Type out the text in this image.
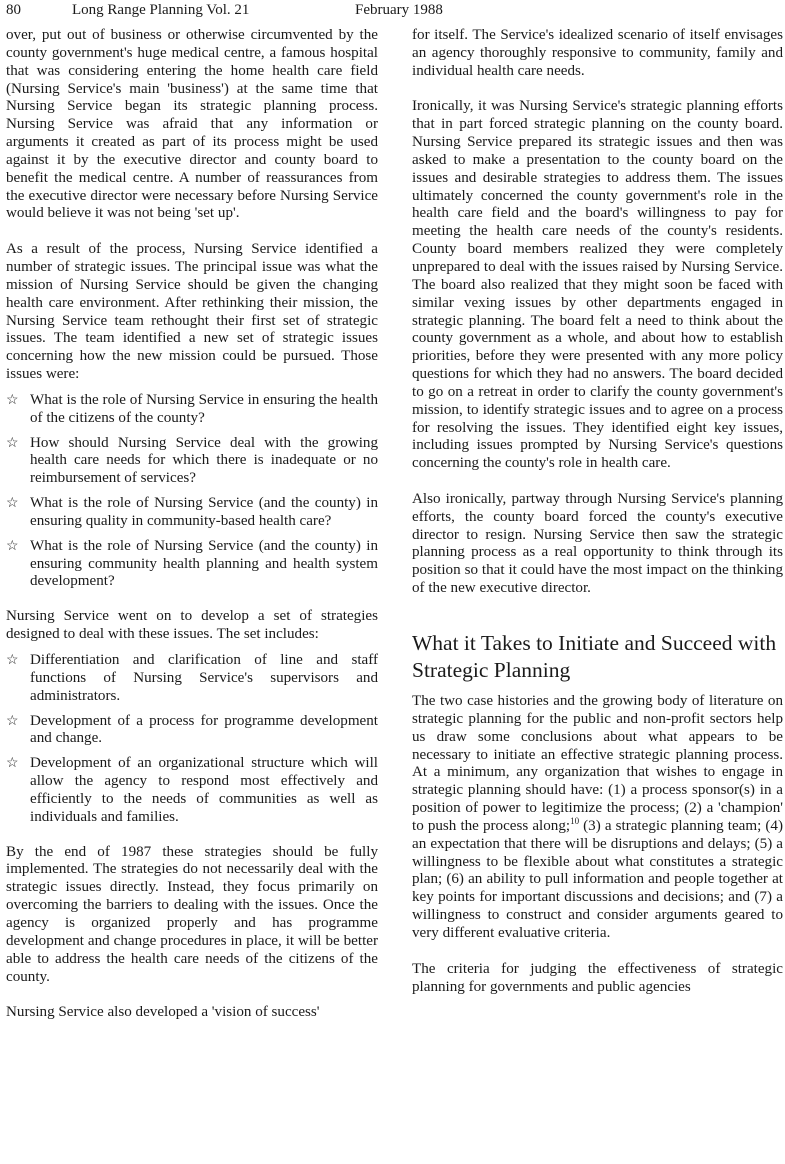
80	Long Range Planning Vol. 21	February 1988

over, put out of business or otherwise circumvented by the county government's huge medical centre, a famous hospital that was considering entering the home health care field (Nursing Service's main 'business') at the same time that Nursing Service began its strategic planning process. Nursing Service was afraid that any information or arguments it created as part of its process might be used against it by the executive director and county board to benefit the medical centre. A number of reassurances from the executive director were necessary before Nursing Service would believe it was not being 'set up'.

As a result of the process, Nursing Service identified a number of strategic issues. The principal issue was what the mission of Nursing Service should be given the changing health care environment. After rethinking their mission, the Nursing Service team rethought their first set of strategic issues. The team identified a new set of strategic issues concerning how the new mission could be pursued. Those issues were:

☆ What is the role of Nursing Service in ensuring the health of the citizens of the county?
☆ How should Nursing Service deal with the growing health care needs for which there is inadequate or no reimbursement of services?
☆ What is the role of Nursing Service (and the county) in ensuring quality in community-based health care?
☆ What is the role of Nursing Service (and the county) in ensuring community health planning and health system development?

Nursing Service went on to develop a set of strategies designed to deal with these issues. The set includes:

☆ Differentiation and clarification of line and staff functions of Nursing Service's supervisors and administrators.
☆ Development of a process for programme development and change.
☆ Development of an organizational structure which will allow the agency to respond most effectively and efficiently to the needs of communities as well as individuals and families.

By the end of 1987 these strategies should be fully implemented. The strategies do not necessarily deal with the strategic issues directly. Instead, they focus primarily on overcoming the barriers to dealing with the issues. Once the agency is organized properly and has programme development and change procedures in place, it will be better able to address the health care needs of the citizens of the county.

Nursing Service also developed a 'vision of success'

for itself. The Service's idealized scenario of itself envisages an agency thoroughly responsive to community, family and individual health care needs.

Ironically, it was Nursing Service's strategic planning efforts that in part forced strategic planning on the county board. Nursing Service prepared its strategic issues and then was asked to make a presentation to the county board on the issues and desirable strategies to address them. The issues ultimately concerned the county government's role in the health care field and the board's willingness to pay for meeting the health care needs of the county's residents. County board members realized they were completely unprepared to deal with the issues raised by Nursing Service. The board also realized that they might soon be faced with similar vexing issues by other departments engaged in strategic planning. The board felt a need to think about the county government as a whole, and about how to establish priorities, before they were presented with any more policy questions for which they had no answers. The board decided to go on a retreat in order to clarify the county government's mission, to identify strategic issues and to agree on a process for resolving the issues. They identified eight key issues, including issues prompted by Nursing Service's questions concerning the county's role in health care.

Also ironically, partway through Nursing Service's planning efforts, the county board forced the county's executive director to resign. Nursing Service then saw the strategic planning process as a real opportunity to think through its position so that it could have the most impact on the thinking of the new executive director.

What it Takes to Initiate and Succeed with Strategic Planning

The two case histories and the growing body of literature on strategic planning for the public and non-profit sectors help us draw some conclusions about what appears to be necessary to initiate an effective strategic planning process. At a minimum, any organization that wishes to engage in strategic planning should have: (1) a process sponsor(s) in a position of power to legitimize the process; (2) a 'champion' to push the process along;$^{10}$ (3) a strategic planning team; (4) an expectation that there will be disruptions and delays; (5) a willingness to be flexible about what constitutes a strategic plan; (6) an ability to pull information and people together at key points for important discussions and decisions; and (7) a willingness to construct and consider arguments geared to very different evaluative criteria.

The criteria for judging the effectiveness of strategic planning for governments and public agencies
